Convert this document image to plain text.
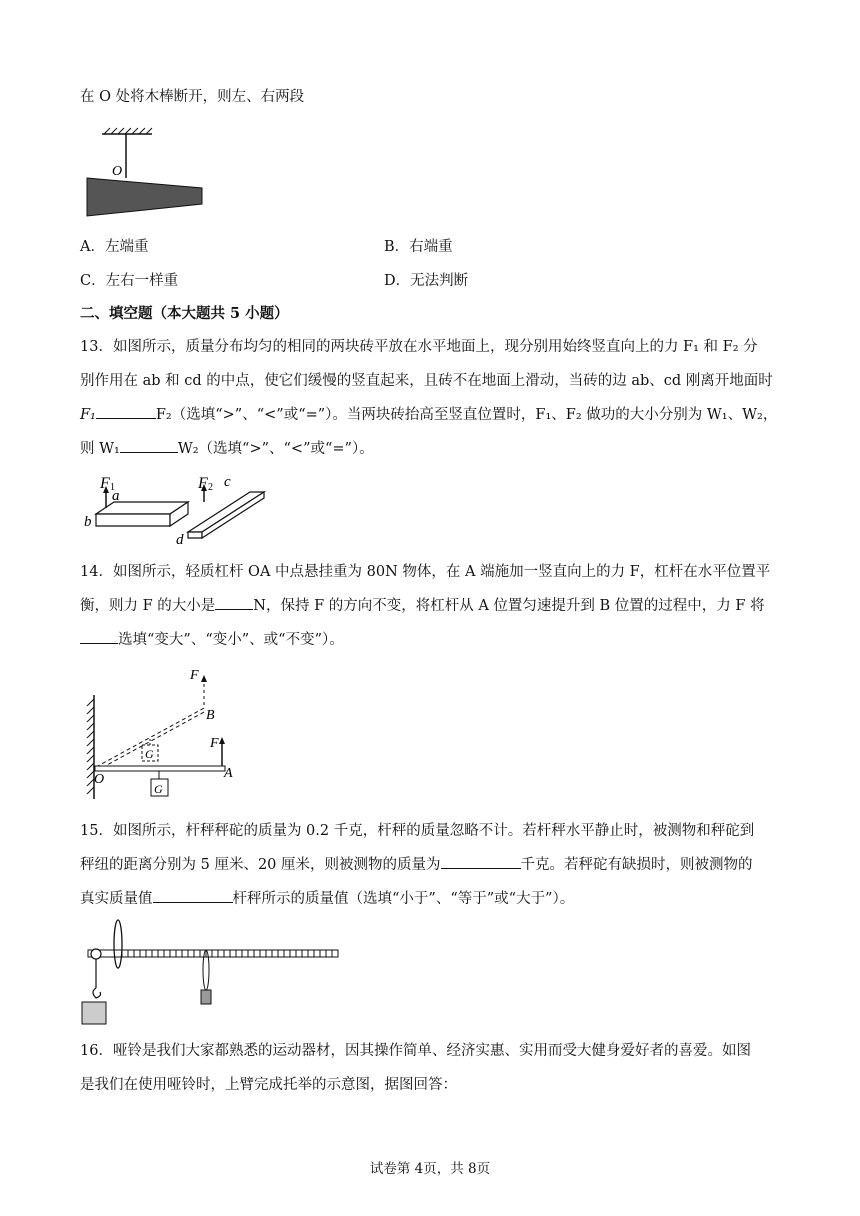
在 O 处将木棒断开，则左、右两段
O
A．左端重	B．右端重
C．左右一样重	D．无法判断
二、填空题（本大题共 5 小题）
13．如图所示，质量分布均匀的相同的两块砖平放在水平地面上，现分别用始终竖直向上的力 F₁ 和 F₂ 分
别作用在 ab 和 cd 的中点，使它们缓慢的竖直起来，且砖不在地面上滑动，当砖的边 ab、cd 刚离开地面时
F₁	F₂（选填“>”、“<”或“=”）。当两块砖抬高至竖直位置时，F₁、F₂ 做功的大小分别为 W₁、W₂，
则 W₁	W₂（选填“>”、“<”或“=”）。
F 1
a
b
F 2 c
d
14．如图所示，轻质杠杆 OA 中点悬挂重为 80N 物体，在 A 端施加一竖直向上的力 F，杠杆在水平位置平
衡，则力 F 的大小是	N，保持 F 的方向不变，将杠杆从 A 位置匀速提升到 B 位置的过程中，力 F 将
选填“变大”、“变小”、或“不变”）。
F
B
G
F
A
O
G
15．如图所示，杆秤秤砣的质量为 0.2 千克，杆秤的质量忽略不计。若杆秤水平静止时，被测物和秤砣到
秤纽的距离分别为 5 厘米、20 厘米，则被测物的质量为	千克。若秤砣有缺损时，则被测物的
真实质量值	杆秤所示的质量值（选填“小于”、“等于”或“大于”）。
16．哑铃是我们大家都熟悉的运动器材，因其操作简单、经济实惠、实用而受大健身爱好者的喜爱。如图
是我们在使用哑铃时，上臂完成托举的示意图，据图回答：
试卷第 4页，共 8页
